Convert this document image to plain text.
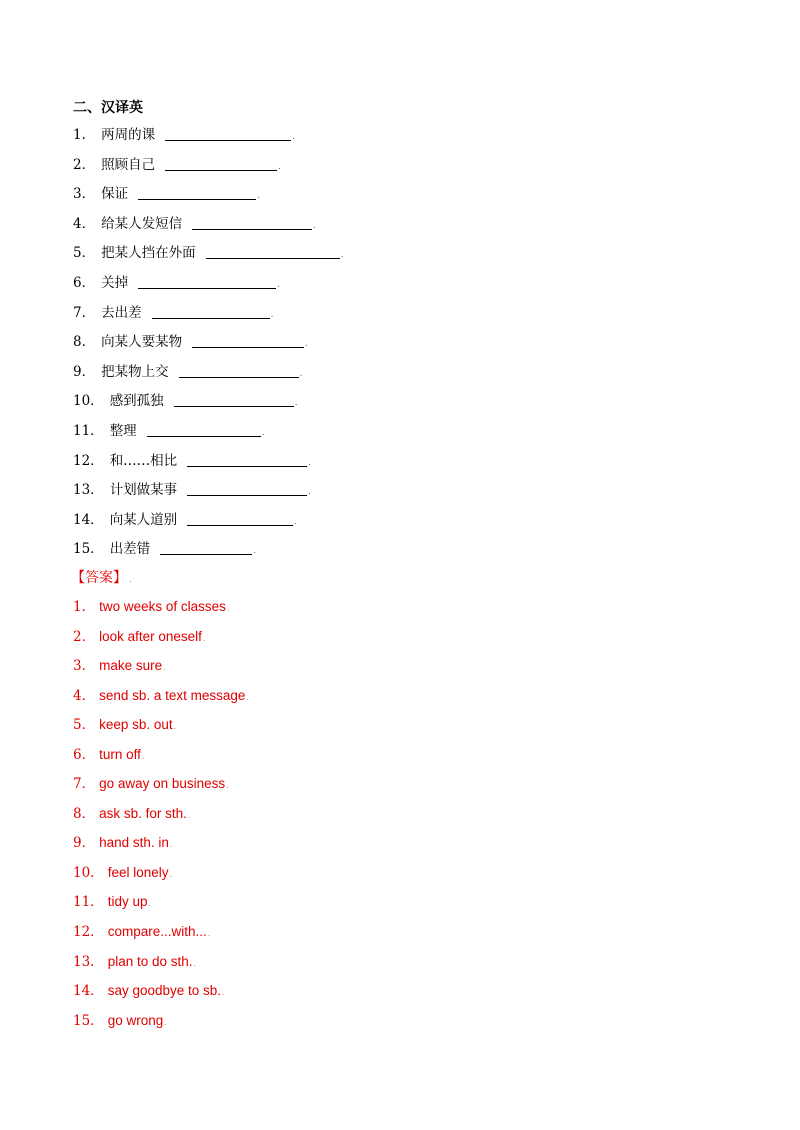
二、汉译英
1． 两周的课	.
2． 照顾自己	.
3． 保证	.
4． 给某人发短信	.
5． 把某人挡在外面	.
6． 关掉	.
7． 去出差	.
8． 向某人要某物	.
9． 把某物上交	.
10． 感到孤独	.
11． 整理	.
12． 和……相比	.
13． 计划做某事	.
14． 向某人道别	.
15． 出差错	.
【答案】 .
1． two weeks of classes.
2． look after oneself.
3． make sure.
4． send sb. a text message.
5． keep sb. out.
6． turn off.
7． go away on business.
8． ask sb. for sth..
9． hand sth. in.
10． feel lonely.
11． tidy up.
12． compare...with....
13． plan to do sth..
14． say goodbye to sb..
15． go wrong.
